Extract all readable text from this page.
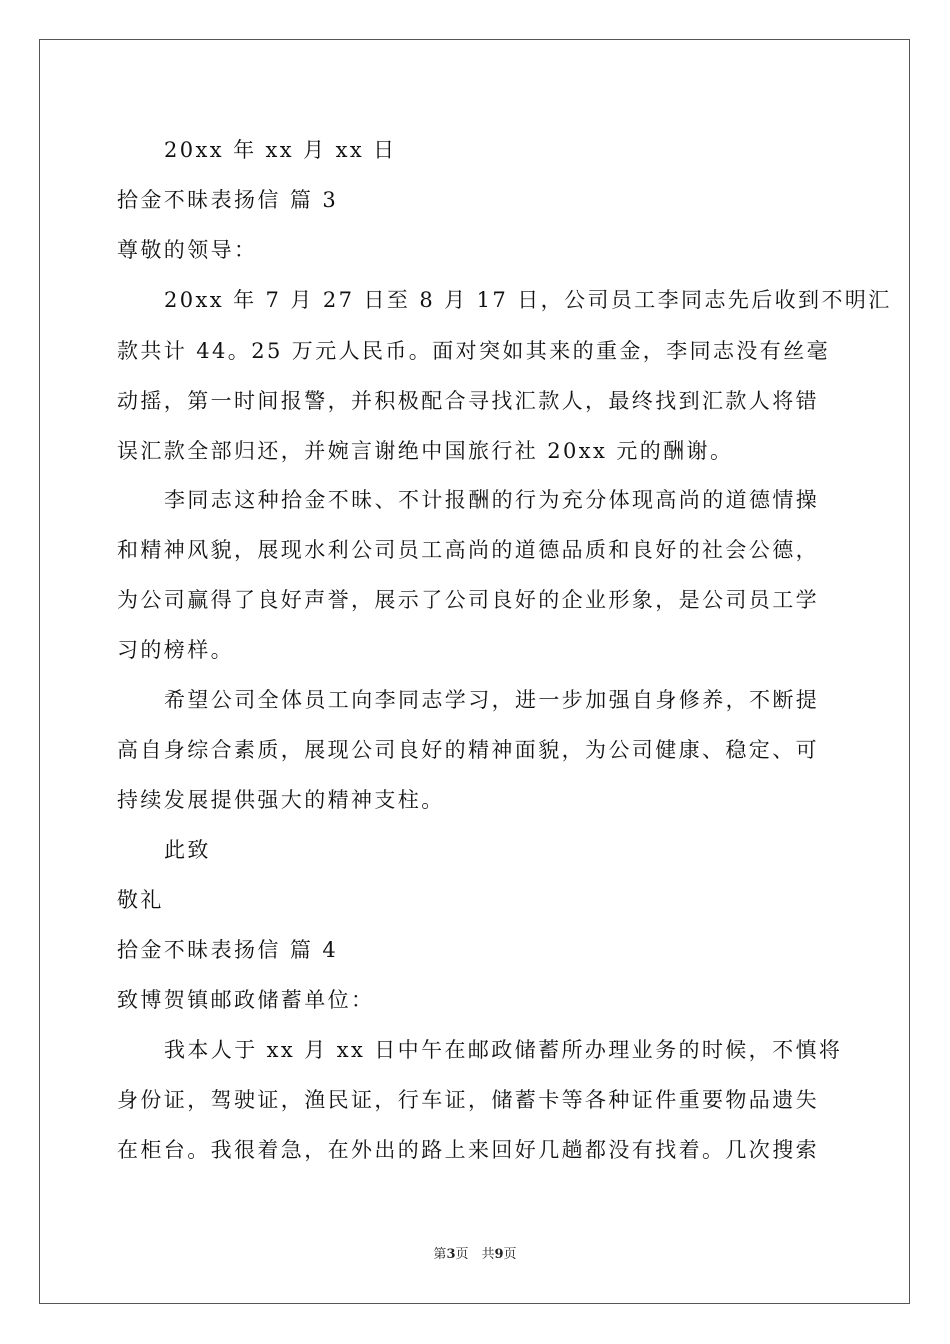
20xx 年 xx 月 xx 日
拾金不昧表扬信 篇 3
尊敬的领导：
20xx 年 7 月 27 日至 8 月 17 日，公司员工李同志先后收到不明汇
款共计 44。25 万元人民币。面对突如其来的重金，李同志没有丝毫
动摇，第一时间报警，并积极配合寻找汇款人，最终找到汇款人将错
误汇款全部归还，并婉言谢绝中国旅行社 20xx 元的酬谢。
李同志这种拾金不昧、不计报酬的行为充分体现高尚的道德情操
和精神风貌，展现水利公司员工高尚的道德品质和良好的社会公德，
为公司赢得了良好声誉，展示了公司良好的企业形象，是公司员工学
习的榜样。
希望公司全体员工向李同志学习，进一步加强自身修养，不断提
高自身综合素质，展现公司良好的精神面貌，为公司健康、稳定、可
持续发展提供强大的精神支柱。
此致
敬礼
拾金不昧表扬信 篇 4
致博贺镇邮政储蓄单位：
我本人于 xx 月 xx 日中午在邮政储蓄所办理业务的时候，不慎将
身份证，驾驶证，渔民证，行车证，储蓄卡等各种证件重要物品遗失
在柜台。我很着急，在外出的路上来回好几趟都没有找着。几次搜索
第3页　共9页
